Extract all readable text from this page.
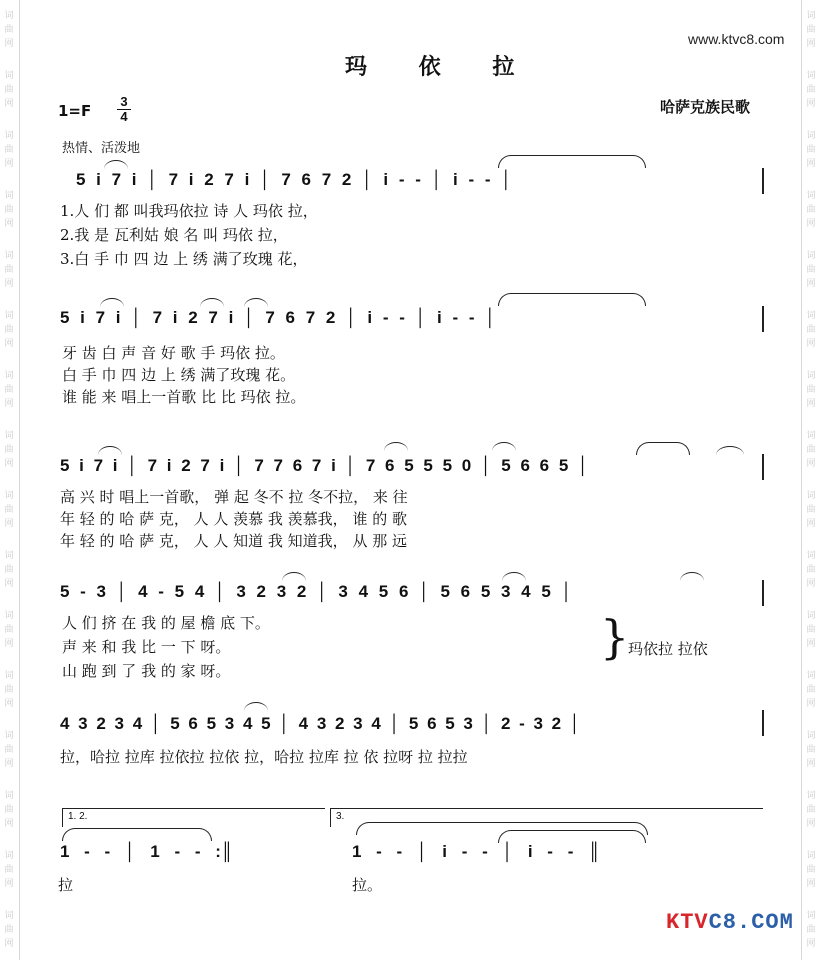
词
曲
网
词
曲
网
词
曲
网
词
曲
网
词
曲
网
词
曲
网
词
曲
网
词
曲
网
词
曲
网
词
曲
网
词
曲
网
词
曲
网
词
曲
网
词
曲
网
词
曲
网
词
曲
网
词
曲
网
词
曲
网
词
曲
网
词
曲
网
词
曲
网
词
曲
网
词
曲
网
词
曲
网
词
曲
网
词
曲
网
词
曲
网
词
曲
网
词
曲
网
词
曲
网
词
曲
网
词
曲
网
www.ktvc8.com
玛 依 拉
1=F
3
4
哈萨克族民歌
热情、活泼地
5 i 7 i │ 7 i 2 7 i │ 7 6 7 2 │ i - - │ i - - │
1.人 们 都 叫我玛依拉 诗 人 玛依 拉，
2.我 是 瓦利姑 娘 名 叫 玛依 拉，
3.白 手 巾 四 边 上 绣 满了玫瑰 花，
5 i 7 i │ 7 i 2 7 i │ 7 6 7 2 │ i - - │ i - - │
牙 齿 白 声 音 好 歌 手 玛依 拉。
白 手 巾 四 边 上 绣 满了玫瑰 花。
谁 能 来 唱上一首歌 比 比 玛依 拉。
5 i 7 i │ 7 i 2 7 i │ 7 7 6 7 i │ 7 6 5 5 5 0 │ 5 6 6 5 │
高 兴 时 唱上一首歌， 弹 起 冬不 拉 冬不拉， 来 往
年 轻 的 哈 萨 克， 人 人 羡慕 我 羡慕我， 谁 的 歌
年 轻 的 哈 萨 克， 人 人 知道 我 知道我， 从 那 远
5 - 3 │ 4 - 5 4 │ 3 2 3 2 │ 3 4 5 6 │ 5 6 5 3 4 5 │
人 们 挤 在 我 的 屋 檐 底 下。
声 来 和 我 比 一 下 呀。
山 跑 到 了 我 的 家 呀。
}
玛依拉 拉依
4 3 2 3 4 │ 5 6 5 3 4 5 │ 4 3 2 3 4 │ 5 6 5 3 │ 2 - 3 2 │
拉，哈拉 拉库 拉依拉 拉依 拉，哈拉 拉库 拉 依 拉呀 拉 拉拉
1. 2.	3.
1 - - │ 1 - - :║	1 - - │ i - - │ i - - ║
拉	拉。
KTVC8.COM
